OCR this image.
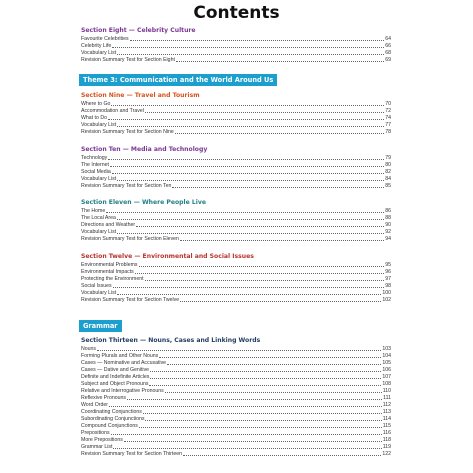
Contents
Section Eight — Celebrity Culture
Favourite Celebrities	64
Celebrity Life	66
Vocabulary List	68
Revision Summary Test for Section Eight	69
Theme 3: Communication and the World Around Us
Section Nine — Travel and Tourism
Where to Go	70
Accommodation and Travel	72
What to Do	74
Vocabulary List	77
Revision Summary Test for Section Nine	78
Section Ten — Media and Technology
Technology	79
The Internet	80
Social Media	82
Vocabulary List	84
Revision Summary Test for Section Ten	85
Section Eleven — Where People Live
The Home	86
The Local Area	88
Directions and Weather	90
Vocabulary List	92
Revision Summary Test for Section Eleven	94
Section Twelve — Environmental and Social Issues
Environmental Problems	95
Environmental Impacts	96
Protecting the Environment	97
Social Issues	98
Vocabulary List	100
Revision Summary Test for Section Twelve	102
Grammar
Section Thirteen — Nouns, Cases and Linking Words
Nouns	103
Forming Plurals and Other Nouns	104
Cases — Nominative and Accusative	105
Cases — Dative and Genitive	106
Definite and Indefinite Articles	107
Subject and Object Pronouns	108
Relative and Interrogative Pronouns	110
Reflexive Pronouns	111
Word Order	112
Coordinating Conjunctions	113
Subordinating Conjunctions	114
Compound Conjunctions	115
Prepositions	116
More Prepositions	118
Grammar List	119
Revision Summary Test for Section Thirteen	122
